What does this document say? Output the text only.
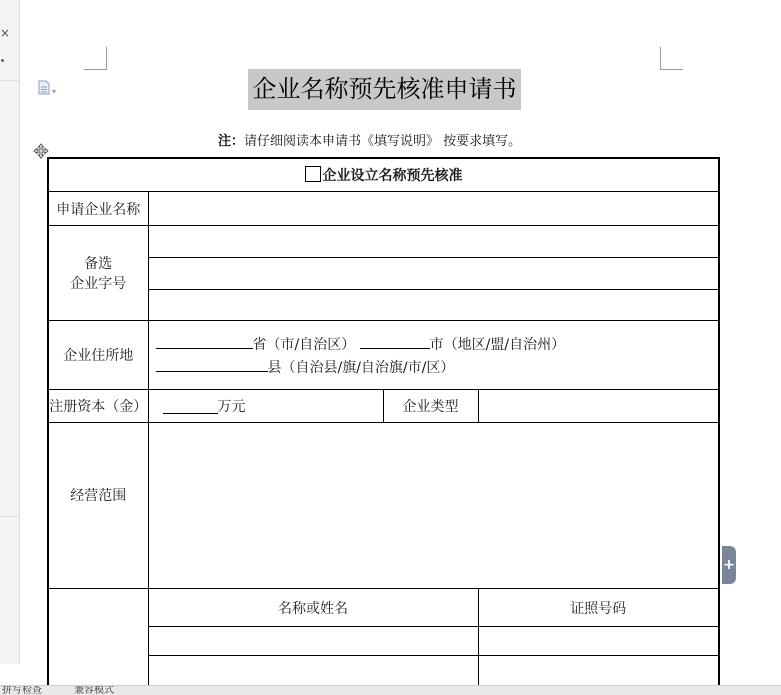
×
▾	企业名称预先核准申请书
注：请仔细阅读本申请书《填写说明》 按要求填写。
企业设立名称预先核准			
申请企业名称			

备选
企业字号			

企业住所地	省（市/自治区） 市（地区/盟/自治州）
县（自治县/旗/自治旗/市/区）		

注册资本（金）	万元	企业类型	
经营范围			
	名称或姓名		证照号码

+
拼写检查	兼容模式
